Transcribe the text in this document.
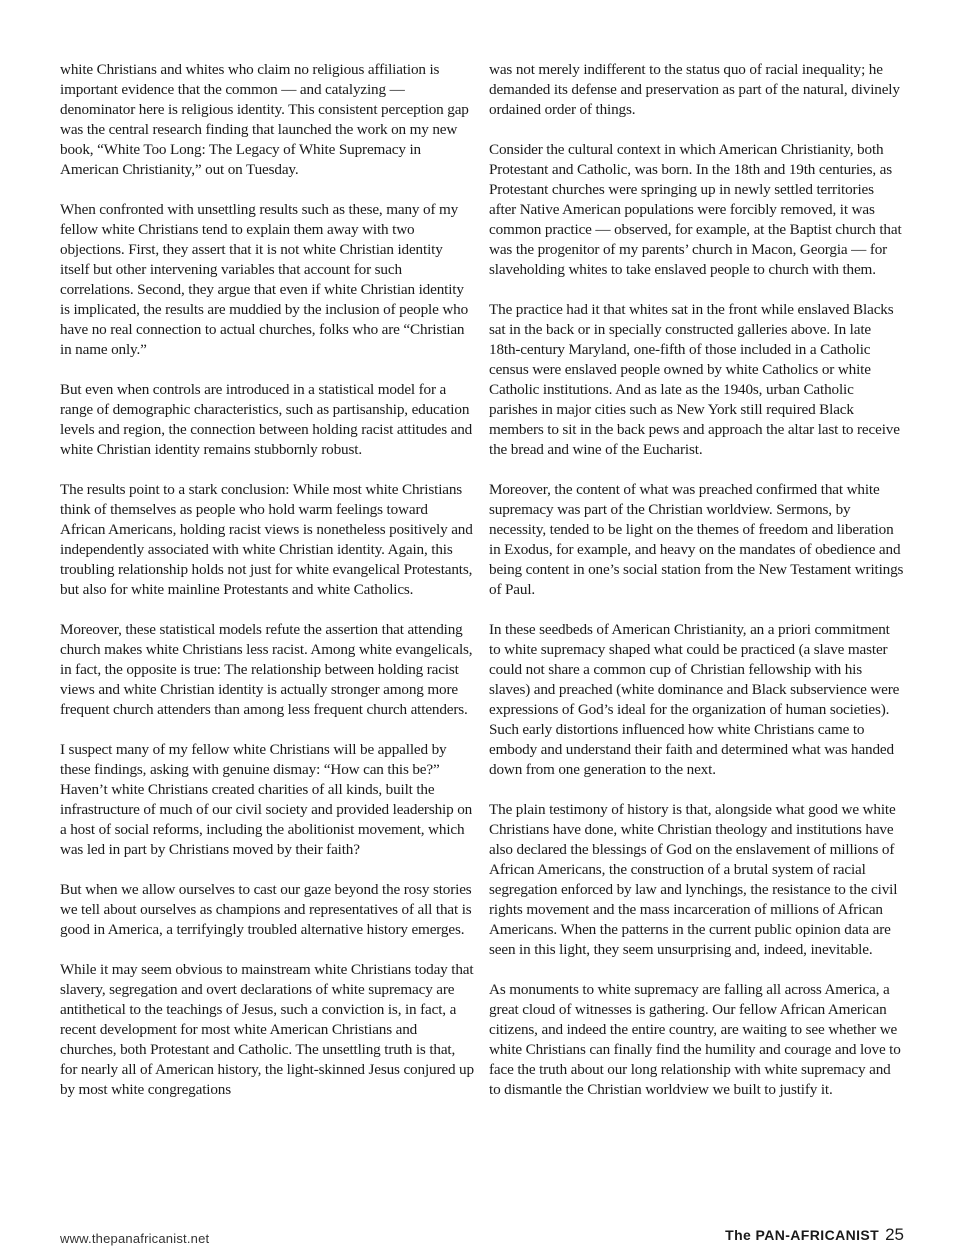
white Christians and whites who claim no religious affiliation is important evidence that the common — and catalyzing — denominator here is religious identity. This consistent perception gap was the central research finding that launched the work on my new book, “White Too Long: The Legacy of White Supremacy in American Christianity,” out on Tuesday.

When confronted with unsettling results such as these, many of my fellow white Christians tend to explain them away with two objections. First, they assert that it is not white Christian identity itself but other intervening variables that account for such correlations. Second, they argue that even if white Christian identity is implicated, the results are muddied by the inclusion of people who have no real connection to actual churches, folks who are “Christian in name only.”

But even when controls are introduced in a statistical model for a range of demographic characteristics, such as partisanship, education levels and region, the connection between holding racist attitudes and white Christian identity remains stubbornly robust.

The results point to a stark conclusion: While most white Christians think of themselves as people who hold warm feelings toward African Americans, holding racist views is nonetheless positively and independently associated with white Christian identity. Again, this troubling relationship holds not just for white evangelical Protestants, but also for white mainline Protestants and white Catholics.

Moreover, these statistical models refute the assertion that attending church makes white Christians less racist. Among white evangelicals, in fact, the opposite is true: The relationship between holding racist views and white Christian identity is actually stronger among more frequent church attenders than among less frequent church attenders.

I suspect many of my fellow white Christians will be appalled by these findings, asking with genuine dismay: “How can this be?” Haven’t white Christians created charities of all kinds, built the infrastructure of much of our civil society and provided leadership on a host of social reforms, including the abolitionist movement, which was led in part by Christians moved by their faith?

But when we allow ourselves to cast our gaze beyond the rosy stories we tell about ourselves as champions and representatives of all that is good in America, a terrifyingly troubled alternative history emerges.

While it may seem obvious to mainstream white Christians today that slavery, segregation and overt declarations of white supremacy are antithetical to the teachings of Jesus, such a conviction is, in fact, a recent development for most white American Christians and churches, both Protestant and Catholic. The unsettling truth is that, for nearly all of American history, the light-skinned Jesus conjured up by most white congregations

was not merely indifferent to the status quo of racial inequality; he demanded its defense and preservation as part of the natural, divinely ordained order of things.

Consider the cultural context in which American Christianity, both Protestant and Catholic, was born. In the 18th and 19th centuries, as Protestant churches were springing up in newly settled territories after Native American populations were forcibly removed, it was common practice — observed, for example, at the Baptist church that was the progenitor of my parents’ church in Macon, Georgia — for slaveholding whites to take enslaved people to church with them.

The practice had it that whites sat in the front while enslaved Blacks sat in the back or in specially constructed galleries above. In late 18th-century Maryland, one-fifth of those included in a Catholic census were enslaved people owned by white Catholics or white Catholic institutions. And as late as the 1940s, urban Catholic parishes in major cities such as New York still required Black members to sit in the back pews and approach the altar last to receive the bread and wine of the Eucharist.

Moreover, the content of what was preached confirmed that white supremacy was part of the Christian worldview. Sermons, by necessity, tended to be light on the themes of freedom and liberation in Exodus, for example, and heavy on the mandates of obedience and being content in one’s social station from the New Testament writings of Paul.

In these seedbeds of American Christianity, an a priori commitment to white supremacy shaped what could be practiced (a slave master could not share a common cup of Christian fellowship with his slaves) and preached (white dominance and Black subservience were expressions of God’s ideal for the organization of human societies). Such early distortions influenced how white Christians came to embody and understand their faith and determined what was handed down from one generation to the next.

The plain testimony of history is that, alongside what good we white Christians have done, white Christian theology and institutions have also declared the blessings of God on the enslavement of millions of African Americans, the construction of a brutal system of racial segregation enforced by law and lynchings, the resistance to the civil rights movement and the mass incarceration of millions of African Americans. When the patterns in the current public opinion data are seen in this light, they seem unsurprising and, indeed, inevitable.

As monuments to white supremacy are falling all across America, a great cloud of witnesses is gathering. Our fellow African American citizens, and indeed the entire country, are waiting to see whether we white Christians can finally find the humility and courage and love to face the truth about our long relationship with white supremacy and to dismantle the Christian worldview we built to justify it.

www.thepanafricanist.net	The PAN-AFRICANIST 25
